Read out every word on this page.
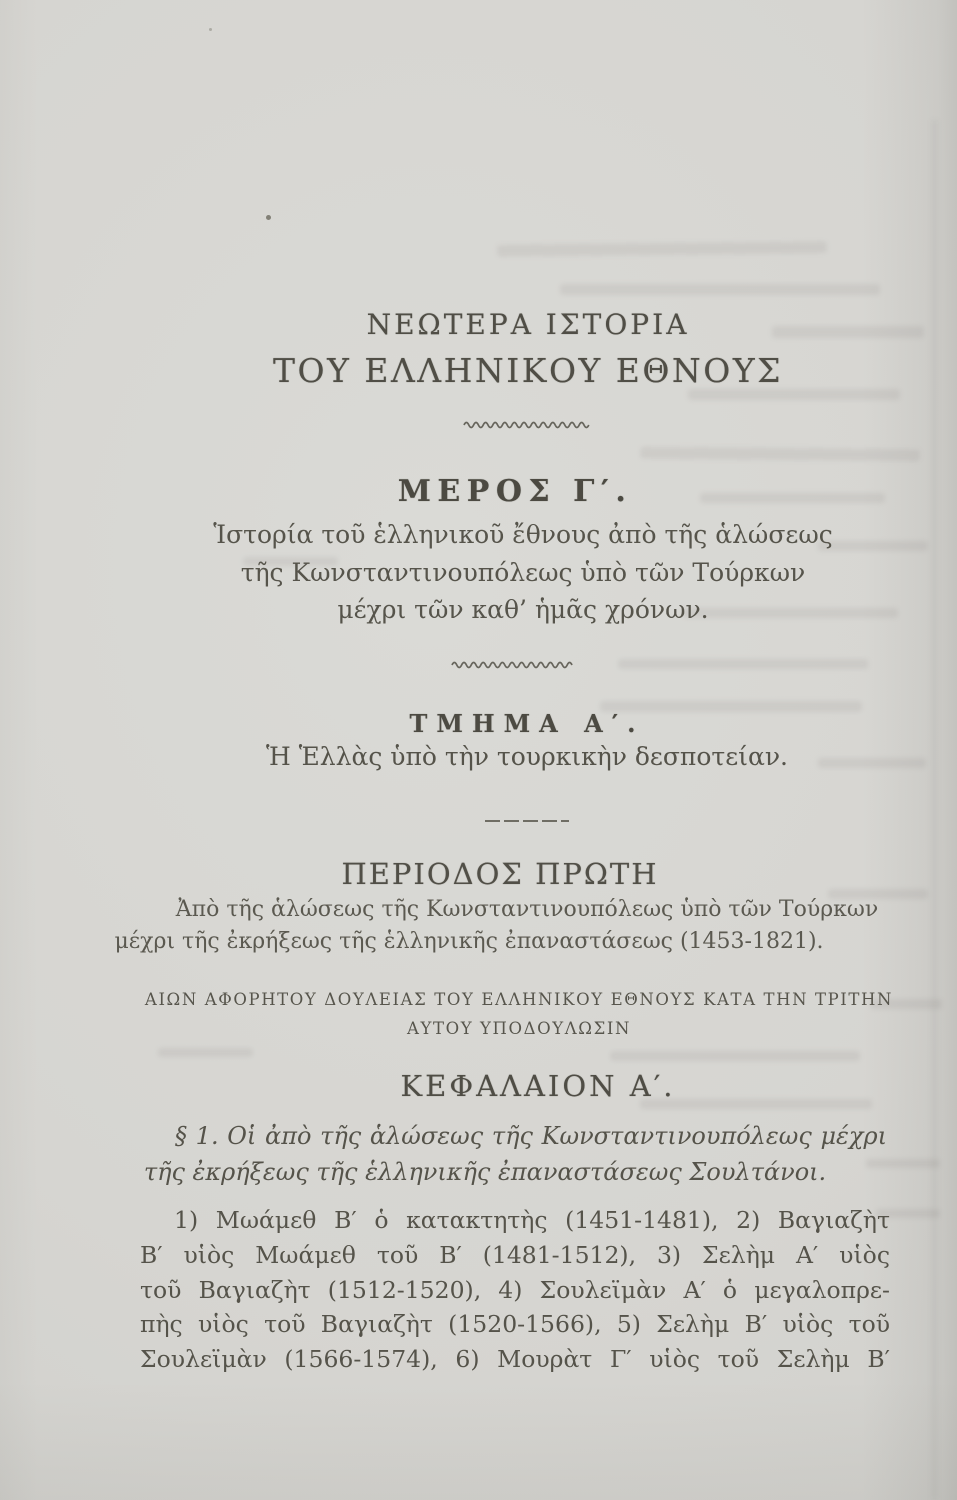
ΝΕΩΤΕΡΑ ΙΣΤΟΡΙΑ
ΤΟΥ ΕΛΛΗΝΙΚΟΥ ΕΘΝΟΥΣ
ΜΕΡΟΣ Γ′.
Ἱστορία τοῦ ἑλληνικοῦ ἔθνους ἀπὸ τῆς ἁλώσεως
τῆς Κωνσταντινουπόλεως ὑπὸ τῶν Τούρκων
μέχρι τῶν καθ’ ἡμᾶς χρόνων.
ΤΜΗΜΑ Α′.
Ἡ Ἑλλὰς ὑπὸ τὴν τουρκικὴν δεσποτείαν.
ΠΕΡΙΟΔΟΣ ΠΡΩΤΗ
Ἀπὸ τῆς ἁλώσεως τῆς Κωνσταντινουπόλεως ὑπὸ τῶν Τούρκων
μέχρι τῆς ἐκρήξεως τῆς ἑλληνικῆς ἐπαναστάσεως (1453-1821).
ΑΙΩΝ ΑΦΟΡΗΤΟΥ ΔΟΥΛΕΙΑΣ ΤΟΥ ΕΛΛΗΝΙΚΟΥ ΕΘΝΟΥΣ ΚΑΤΑ ΤΗΝ ΤΡΙΤΗΝ
ΑΥΤΟΥ ΥΠΟΔΟΥΛΩΣΙΝ
ΚΕΦΑΛΑΙΟΝ Α′.
§ 1. Οἱ ἀπὸ τῆς ἁλώσεως τῆς Κωνσταντινουπόλεως μέχρι
τῆς ἐκρήξεως τῆς ἑλληνικῆς ἐπαναστάσεως Σουλτάνοι.
1) Μωάμεθ Β′ ὁ κατακτητὴς (1451-1481), 2) Βαγιαζὴτ
Β′ υἱὸς Μωάμεθ τοῦ Β′ (1481-1512), 3) Σελὴμ Α′ υἱὸς
τοῦ Βαγιαζὴτ (1512-1520), 4) Σουλεϊμὰν Α′ ὁ μεγαλοπρε-
πὴς υἱὸς τοῦ Βαγιαζὴτ (1520-1566), 5) Σελὴμ Β′ υἱὸς τοῦ
Σουλεϊμὰν (1566-1574), 6) Μουρὰτ Γ′ υἱὸς τοῦ Σελὴμ Β′
